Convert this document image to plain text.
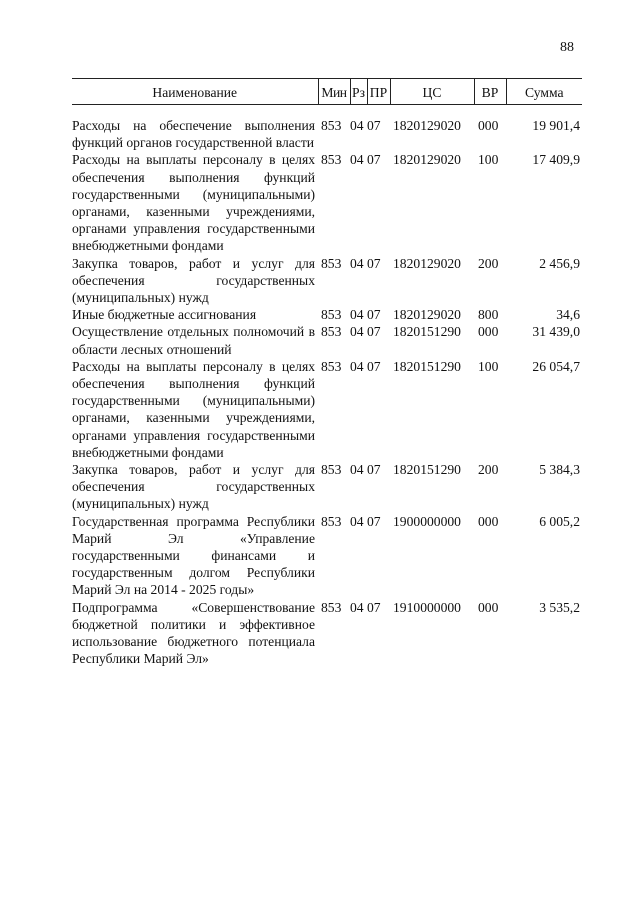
88
Наименование	Мин	Рз	ПР	ЦС	ВР	Сумма

Расходы на обеспечение выполнения функций органов государственной власти	853	04	07	1820129020	000	19 901,4
Расходы на выплаты персоналу в целях обеспечения выполнения функций государственными (муниципальными) органами, казенными учреждениями, органами управления государственными внебюджетными фондами	853	04	07	1820129020	100	17 409,9
Закупка товаров, работ и услуг для обеспечения государственных (муниципальных) нужд	853	04	07	1820129020	200	2 456,9
Иные бюджетные ассигнования	853	04	07	1820129020	800	34,6
Осуществление отдельных полномочий в области лесных отношений	853	04	07	1820151290	000	31 439,0
Расходы на выплаты персоналу в целях обеспечения выполнения функций государственными (муниципальными) органами, казенными учреждениями, органами управления государственными внебюджетными фондами	853	04	07	1820151290	100	26 054,7
Закупка товаров, работ и услуг для обеспечения государственных (муниципальных) нужд	853	04	07	1820151290	200	5 384,3
Государственная программа Республики Марий Эл «Управление государственными финансами и государственным долгом Республики Марий Эл на 2014 - 2025 годы»	853	04	07	1900000000	000	6 005,2
Подпрограмма «Совершенствование бюджетной политики и эффективное использование бюджетного потенциала Республики Марий Эл»	853	04	07	1910000000	000	3 535,2
